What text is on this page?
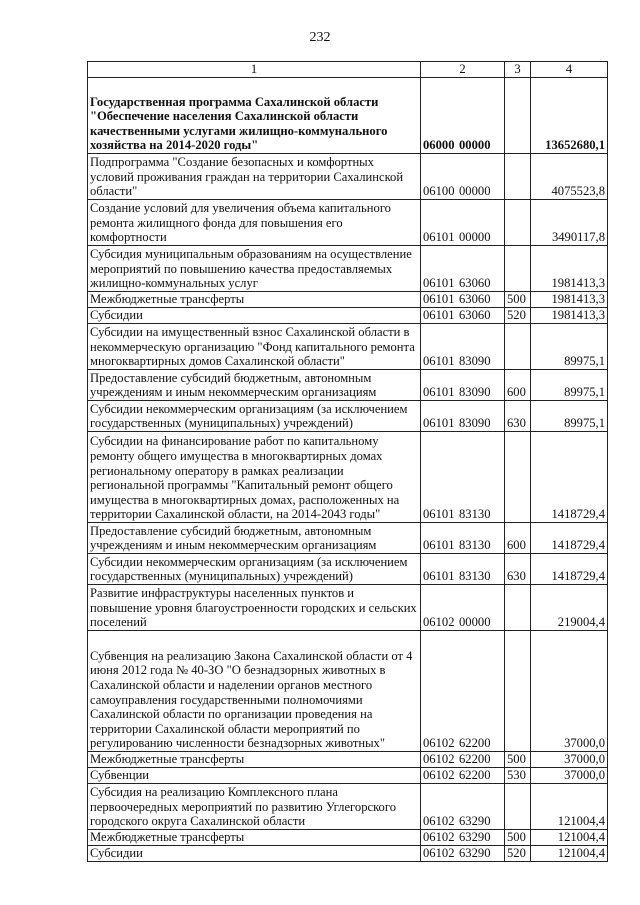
232
1	2	3	4
Государственная программа Сахалинской области "Обеспечение населения Сахалинской области качественными услугами жилищно-коммунального хозяйства на 2014-2020 годы"	06000 00000		13652680,1
Подпрограмма "Создание безопасных и комфортных условий проживания граждан на территории Сахалинской области"	06100 00000		4075523,8
Создание условий для увеличения объема капитального ремонта жилищного фонда для повышения его комфортности	06101 00000		3490117,8
Субсидия муниципальным образованиям на осуществление мероприятий по повышению качества предоставляемых жилищно-коммунальных услуг	06101 63060		1981413,3
Межбюджетные трансферты	06101 63060	500	1981413,3
Субсидии	06101 63060	520	1981413,3
Субсидии на имущественный взнос Сахалинской области в некоммерческую организацию "Фонд капитального ремонта многоквартирных домов Сахалинской области"	06101 83090		89975,1
Предоставление субсидий бюджетным, автономным учреждениям и иным некоммерческим организациям	06101 83090	600	89975,1
Субсидии некоммерческим организациям (за исключением государственных (муниципальных) учреждений)	06101 83090	630	89975,1
Субсидии на финансирование работ по капитальному ремонту общего имущества в многоквартирных домах региональному оператору в рамках реализации региональной программы "Капитальный ремонт общего имущества в многоквартирных домах, расположенных на территории Сахалинской области, на 2014-2043 годы"	06101 83130		1418729,4
Предоставление субсидий бюджетным, автономным учреждениям и иным некоммерческим организациям	06101 83130	600	1418729,4
Субсидии некоммерческим организациям (за исключением государственных (муниципальных) учреждений)	06101 83130	630	1418729,4
Развитие инфраструктуры населенных пунктов и повышение уровня благоустроенности городских и сельских поселений	06102 00000		219004,4
Субвенция на реализацию Закона Сахалинской области от 4 июня 2012 года № 40-ЗО "О безнадзорных животных в Сахалинской области и наделении органов местного самоуправления государственными полномочиями Сахалинской области по организации проведения на территории Сахалинской области мероприятий по регулированию численности безнадзорных животных"	06102 62200		37000,0
Межбюджетные трансферты	06102 62200	500	37000,0
Субвенции	06102 62200	530	37000,0
Субсидия на реализацию Комплексного плана первоочередных мероприятий по развитию Углегорского городского округа Сахалинской области	06102 63290		121004,4
Межбюджетные трансферты	06102 63290	500	121004,4
Субсидии	06102 63290	520	121004,4
